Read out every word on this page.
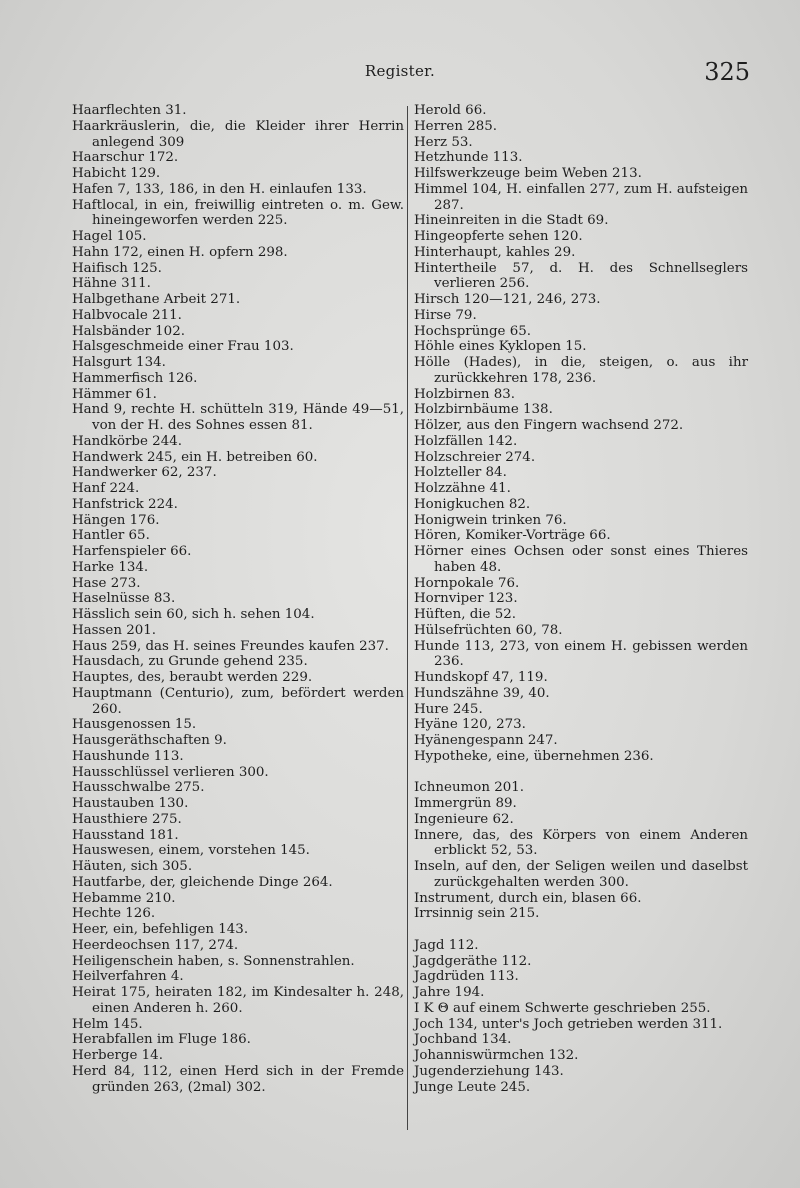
Register.	325
Haarflechten 31.
Haarkräuslerin, die, die Kleider ihrer Herrin anlegend 309
Haarschur 172.
Habicht 129.
Hafen 7, 133, 186, in den H. einlaufen 133.
Haftlocal, in ein, freiwillig eintreten o. m. Gew. hineingeworfen werden 225.
Hagel 105.
Hahn 172, einen H. opfern 298.
Haifisch 125.
Hähne 311.
Halbgethane Arbeit 271.
Halbvocale 211.
Halsbänder 102.
Halsgeschmeide einer Frau 103.
Halsgurt 134.
Hammerfisch 126.
Hämmer 61.
Hand 9, rechte H. schütteln 319, Hände 49—51, von der H. des Sohnes essen 81.
Handkörbe 244.
Handwerk 245, ein H. betreiben 60.
Handwerker 62, 237.
Hanf 224.
Hanfstrick 224.
Hängen 176.
Hantler 65.
Harfenspieler 66.
Harke 134.
Hase 273.
Haselnüsse 83.
Hässlich sein 60, sich h. sehen 104.
Hassen 201.
Haus 259, das H. seines Freundes kaufen 237.
Hausdach, zu Grunde gehend 235.
Hauptes, des, beraubt werden 229.
Hauptmann (Centurio), zum, befördert werden 260.
Hausgenossen 15.
Hausgeräthschaften 9.
Haushunde 113.
Hausschlüssel verlieren 300.
Hausschwalbe 275.
Haustauben 130.
Hausthiere 275.
Hausstand 181.
Hauswesen, einem, vorstehen 145.
Häuten, sich 305.
Hautfarbe, der, gleichende Dinge 264.
Hebamme 210.
Hechte 126.
Heer, ein, befehligen 143.
Heerdeochsen 117, 274.
Heiligenschein haben, s. Sonnenstrahlen.
Heilverfahren 4.
Heirat 175, heiraten 182, im Kindesalter h. 248, einen Anderen h. 260.
Helm 145.
Herabfallen im Fluge 186.
Herberge 14.
Herd 84, 112, einen Herd sich in der Fremde gründen 263, (2mal) 302.
Herold 66.
Herren 285.
Herz 53.
Hetzhunde 113.
Hilfswerkzeuge beim Weben 213.
Himmel 104, H. einfallen 277, zum H. aufsteigen 287.
Hineinreiten in die Stadt 69.
Hingeopferte sehen 120.
Hinterhaupt, kahles 29.
Hintertheile 57, d. H. des Schnellseglers verlieren 256.
Hirsch 120—121, 246, 273.
Hirse 79.
Hochsprünge 65.
Höhle eines Kyklopen 15.
Hölle (Hades), in die, steigen, o. aus ihr zurückkehren 178, 236.
Holzbirnen 83.
Holzbirnbäume 138.
Hölzer, aus den Fingern wachsend 272.
Holzfällen 142.
Holzschreier 274.
Holzteller 84.
Holzzähne 41.
Honigkuchen 82.
Honigwein trinken 76.
Hören, Komiker-Vorträge 66.
Hörner eines Ochsen oder sonst eines Thieres haben 48.
Hornpokale 76.
Hornviper 123.
Hüften, die 52.
Hülsefrüchten 60, 78.
Hunde 113, 273, von einem H. gebissen werden 236.
Hundskopf 47, 119.
Hundszähne 39, 40.
Hure 245.
Hyäne 120, 273.
Hyänengespann 247.
Hypotheke, eine, übernehmen 236.
Ichneumon 201.
Immergrün 89.
Ingenieure 62.
Innere, das, des Körpers von einem Anderen erblickt 52, 53.
Inseln, auf den, der Seligen weilen und daselbst zurückgehalten werden 300.
Instrument, durch ein, blasen 66.
Irrsinnig sein 215.
Jagd 112.
Jagdgeräthe 112.
Jagdrüden 113.
Jahre 194.
Ι Κ Θ auf einem Schwerte geschrieben 255.
Joch 134, unter's Joch getrieben werden 311.
Jochband 134.
Johanniswürmchen 132.
Jugenderziehung 143.
Junge Leute 245.
